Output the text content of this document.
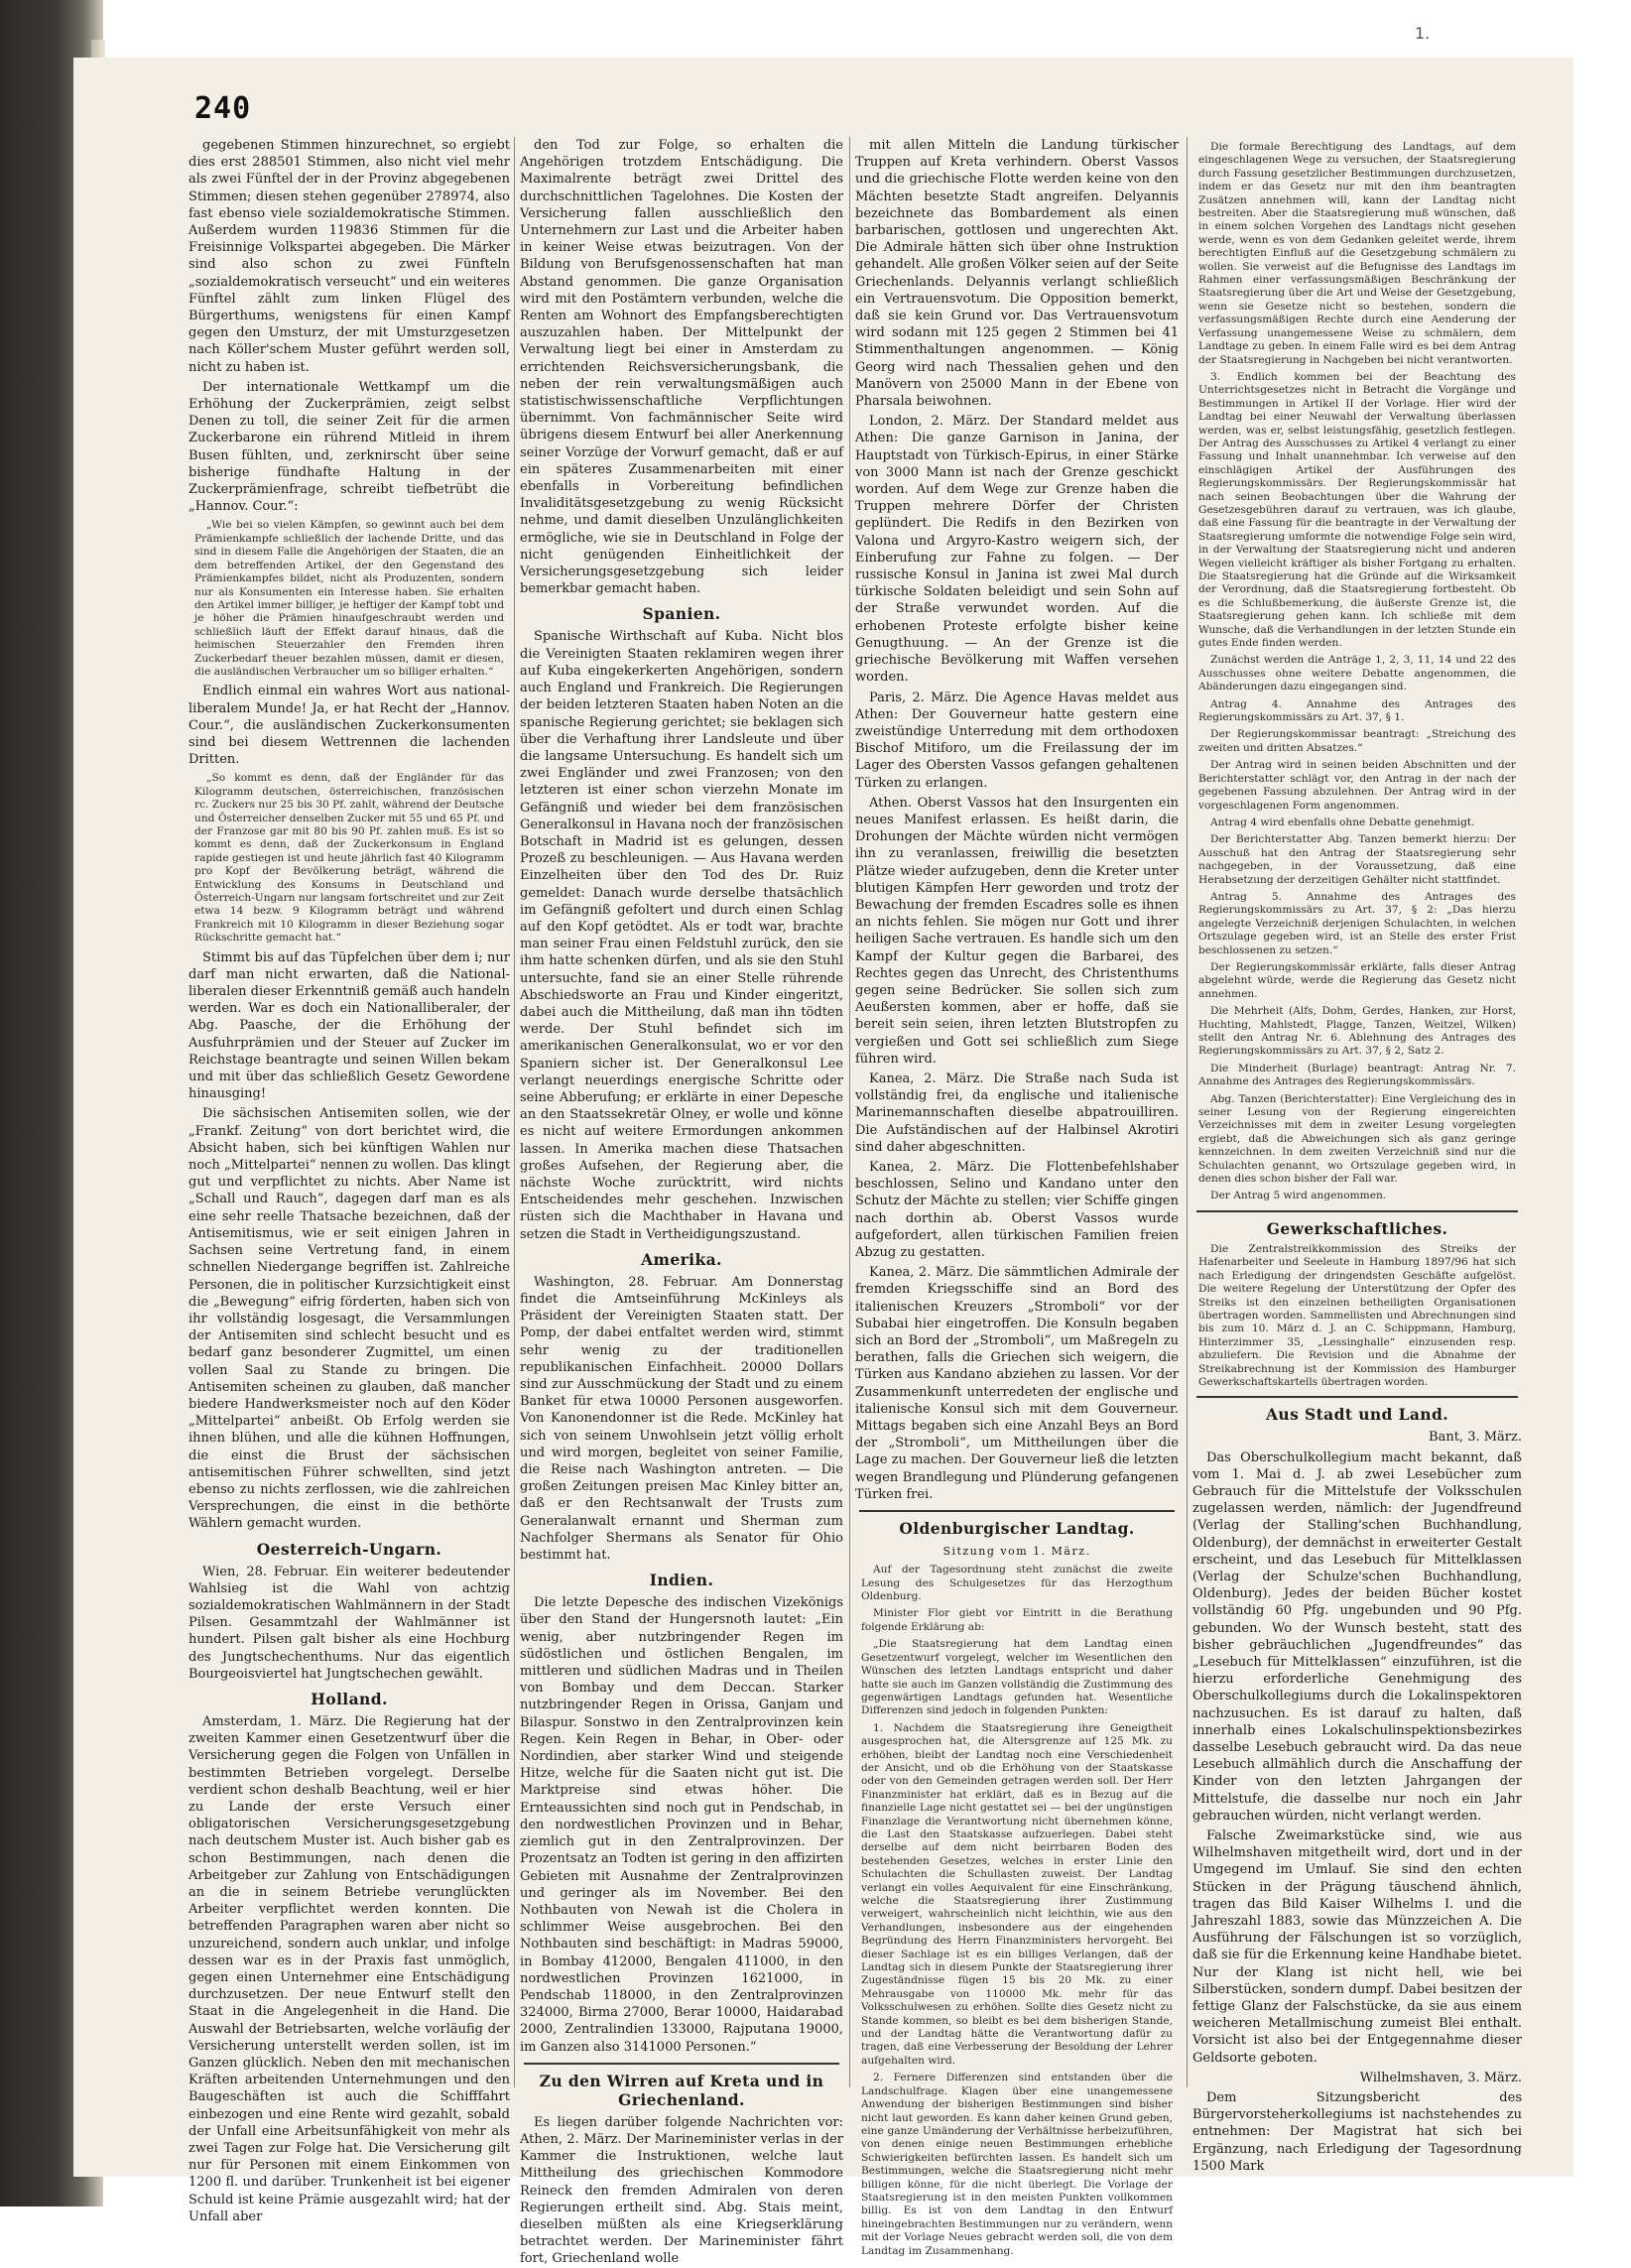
1.
240

gegebenen Stimmen hinzurechnet, so ergiebt dies erst 288501 Stimmen, also nicht viel mehr als zwei Fünftel der in der Provinz abgegebenen Stimmen; diesen stehen gegenüber 278974, also fast ebenso viele sozialdemokratische Stimmen. Außerdem wurden 119836 Stimmen für die Freisinnige Volkspartei abgegeben. Die Märker sind also schon zu zwei Fünfteln „sozialdemokratisch verseucht“ und ein weiteres Fünftel zählt zum linken Flügel des Bürgerthums, wenigstens für einen Kampf gegen den Umsturz, der mit Umsturzgesetzen nach Köller'schem Muster geführt werden soll, nicht zu haben ist.

Der internationale Wettkampf um die Erhöhung der Zuckerprämien, zeigt selbst Denen zu toll, die seiner Zeit für die armen Zuckerbarone ein rührend Mitleid in ihrem Busen fühlten, und, zerknirscht über seine bisherige fündhafte Haltung in der Zuckerprämienfrage, schreibt tiefbetrübt die „Hannov. Cour.“:

„Wie bei so vielen Kämpfen, so gewinnt auch bei dem Prämienkampfe schließlich der lachende Dritte, und das sind in diesem Falle die Angehörigen der Staaten, die an dem betreffenden Artikel, der den Gegenstand des Prämienkampfes bildet, nicht als Produzenten, sondern nur als Konsumenten ein Interesse haben. Sie erhalten den Artikel immer billiger, je heftiger der Kampf tobt und je höher die Prämien hinaufgeschraubt werden und schließlich läuft der Effekt darauf hinaus, daß die heimischen Steuerzahler den Fremden ihren Zuckerbedarf theuer bezahlen müssen, damit er diesen, die ausländischen Verbraucher um so billiger erhalten.“

Endlich einmal ein wahres Wort aus national-liberalem Munde! Ja, er hat Recht der „Hannov. Cour.“, die ausländischen Zuckerkonsumenten sind bei diesem Wettrennen die lachenden Dritten.

„So kommt es denn, daß der Engländer für das Kilogramm deutschen, österreichischen, französischen rc. Zuckers nur 25 bis 30 Pf. zahlt, während der Deutsche und Österreicher denselben Zucker mit 55 und 65 Pf. und der Franzose gar mit 80 bis 90 Pf. zahlen muß. Es ist so kommt es denn, daß der Zuckerkonsum in England rapide gestiegen ist und heute jährlich fast 40 Kilogramm pro Kopf der Bevölkerung beträgt, während die Entwicklung des Konsums in Deutschland und Österreich-Ungarn nur langsam fortschreitet und zur Zeit etwa 14 bezw. 9 Kilogramm beträgt und während Frankreich mit 10 Kilogramm in dieser Beziehung sogar Rückschritte gemacht hat.“

Stimmt bis auf das Tüpfelchen über dem i; nur darf man nicht erwarten, daß die National-liberalen dieser Erkenntniß gemäß auch handeln werden. War es doch ein Nationalliberaler, der Abg. Paasche, der die Erhöhung der Ausfuhrprämien und der Steuer auf Zucker im Reichstage beantragte und seinen Willen bekam und mit über das schließlich Gesetz Gewordene hinausging!

Die sächsischen Antisemiten sollen, wie der „Frankf. Zeitung“ von dort berichtet wird, die Absicht haben, sich bei künftigen Wahlen nur noch „Mittelpartei“ nennen zu wollen. Das klingt gut und verpflichtet zu nichts. Aber Name ist „Schall und Rauch“, dagegen darf man es als eine sehr reelle Thatsache bezeichnen, daß der Antisemitismus, wie er seit einigen Jahren in Sachsen seine Vertretung fand, in einem schnellen Niedergange begriffen ist. Zahlreiche Personen, die in politischer Kurzsichtigkeit einst die „Bewegung“ eifrig förderten, haben sich von ihr vollständig losgesagt, die Versammlungen der Antisemiten sind schlecht besucht und es bedarf ganz besonderer Zugmittel, um einen vollen Saal zu Stande zu bringen. Die Antisemiten scheinen zu glauben, daß mancher biedere Handwerksmeister noch auf den Köder „Mittelpartei“ anbeißt. Ob Erfolg werden sie ihnen blühen, und alle die kühnen Hoffnungen, die einst die Brust der sächsischen antisemitischen Führer schwellten, sind jetzt ebenso zu nichts zerflossen, wie die zahlreichen Versprechungen, die einst in die bethörte Wählern gemacht wurden.

Oesterreich-Ungarn.

Wien, 28. Februar. Ein weiterer bedeutender Wahlsieg ist die Wahl von achtzig sozialdemokratischen Wahlmännern in der Stadt Pilsen. Gesammtzahl der Wahlmänner ist hundert. Pilsen galt bisher als eine Hochburg des Jungtschechenthums. Nur das eigentlich Bourgeoisviertel hat Jungtschechen gewählt.

Holland.

Amsterdam, 1. März. Die Regierung hat der zweiten Kammer einen Gesetzentwurf über die Versicherung gegen die Folgen von Unfällen in bestimmten Betrieben vorgelegt. Derselbe verdient schon deshalb Beachtung, weil er hier zu Lande der erste Versuch einer obligatorischen Versicherungsgesetzgebung nach deutschem Muster ist. Auch bisher gab es schon Bestimmungen, nach denen die Arbeitgeber zur Zahlung von Entschädigungen an die in seinem Betriebe verunglückten Arbeiter verpflichtet werden konnten. Die betreffenden Paragraphen waren aber nicht so unzureichend, sondern auch unklar, und infolge dessen war es in der Praxis fast unmöglich, gegen einen Unternehmer eine Entschädigung durchzusetzen. Der neue Entwurf stellt den Staat in die Angelegenheit in die Hand. Die Auswahl der Betriebsarten, welche vorläufig der Versicherung unterstellt werden sollen, ist im Ganzen glücklich. Neben den mit mechanischen Kräften arbeitenden Unternehmungen und den Baugeschäften ist auch die Schifffahrt einbezogen und eine Rente wird gezahlt, sobald der Unfall eine Arbeitsunfähigkeit von mehr als zwei Tagen zur Folge hat. Die Versicherung gilt nur für Personen mit einem Einkommen von 1200 fl. und darüber. Trunkenheit ist bei eigener Schuld ist keine Prämie ausgezahlt wird; hat der Unfall aber

den Tod zur Folge, so erhalten die Angehörigen trotzdem Entschädigung. Die Maximalrente beträgt zwei Drittel des durchschnittlichen Tagelohnes. Die Kosten der Versicherung fallen ausschließlich den Unternehmern zur Last und die Arbeiter haben in keiner Weise etwas beizutragen. Von der Bildung von Berufsgenossenschaften hat man Abstand genommen. Die ganze Organisation wird mit den Postämtern verbunden, welche die Renten am Wohnort des Empfangsberechtigten auszuzahlen haben. Der Mittelpunkt der Verwaltung liegt bei einer in Amsterdam zu errichtenden Reichsversicherungsbank, die neben der rein verwaltungsmäßigen auch statistischwissenschaftliche Verpflichtungen übernimmt. Von fachmännischer Seite wird übrigens diesem Entwurf bei aller Anerkennung seiner Vorzüge der Vorwurf gemacht, daß er auf ein späteres Zusammenarbeiten mit einer ebenfalls in Vorbereitung befindlichen Invaliditätsgesetzgebung zu wenig Rücksicht nehme, und damit dieselben Unzulänglichkeiten ermögliche, wie sie in Deutschland in Folge der nicht genügenden Einheitlichkeit der Versicherungsgesetzgebung sich leider bemerkbar gemacht haben.

Spanien.

Spanische Wirthschaft auf Kuba. Nicht blos die Vereinigten Staaten reklamiren wegen ihrer auf Kuba eingekerkerten Angehörigen, sondern auch England und Frankreich. Die Regierungen der beiden letzteren Staaten haben Noten an die spanische Regierung gerichtet; sie beklagen sich über die Verhaftung ihrer Landsleute und über die langsame Untersuchung. Es handelt sich um zwei Engländer und zwei Franzosen; von den letzteren ist einer schon vierzehn Monate im Gefängniß und wieder bei dem französischen Generalkonsul in Havana noch der französischen Botschaft in Madrid ist es gelungen, dessen Prozeß zu beschleunigen. — Aus Havana werden Einzelheiten über den Tod des Dr. Ruiz gemeldet: Danach wurde derselbe thatsächlich im Gefängniß gefoltert und durch einen Schlag auf den Kopf getödtet. Als er todt war, brachte man seiner Frau einen Feldstuhl zurück, den sie ihm hatte schenken dürfen, und als sie den Stuhl untersuchte, fand sie an einer Stelle rührende Abschiedsworte an Frau und Kinder eingeritzt, dabei auch die Mittheilung, daß man ihn tödten werde. Der Stuhl befindet sich im amerikanischen Generalkonsulat, wo er vor den Spaniern sicher ist. Der Generalkonsul Lee verlangt neuerdings energische Schritte oder seine Abberufung; er erklärte in einer Depesche an den Staatssekretär Olney, er wolle und könne es nicht auf weitere Ermordungen ankommen lassen. In Amerika machen diese Thatsachen großes Aufsehen, der Regierung aber, die nächste Woche zurücktritt, wird nichts Entscheidendes mehr geschehen. Inzwischen rüsten sich die Machthaber in Havana und setzen die Stadt in Vertheidigungszustand.

Amerika.

Washington, 28. Februar. Am Donnerstag findet die Amtseinführung McKinleys als Präsident der Vereinigten Staaten statt. Der Pomp, der dabei entfaltet werden wird, stimmt sehr wenig zu der traditionellen republikanischen Einfachheit. 20000 Dollars sind zur Ausschmückung der Stadt und zu einem Banket für etwa 10000 Personen ausgeworfen. Von Kanonendonner ist die Rede. McKinley hat sich von seinem Unwohlsein jetzt völlig erholt und wird morgen, begleitet von seiner Familie, die Reise nach Washington antreten. — Die großen Zeitungen preisen Mac Kinley bitter an, daß er den Rechtsanwalt der Trusts zum Generalanwalt ernannt und Sherman zum Nachfolger Shermans als Senator für Ohio bestimmt hat.

Indien.

Die letzte Depesche des indischen Vizekönigs über den Stand der Hungersnoth lautet: „Ein wenig, aber nutzbringender Regen im südöstlichen und östlichen Bengalen, im mittleren und südlichen Madras und in Theilen von Bombay und dem Deccan. Starker nutzbringender Regen in Orissa, Ganjam und Bilaspur. Sonstwo in den Zentralprovinzen kein Regen. Kein Regen in Behar, in Ober- oder Nordindien, aber starker Wind und steigende Hitze, welche für die Saaten nicht gut ist. Die Marktpreise sind etwas höher. Die Ernteaussichten sind noch gut in Pendschab, in den nordwestlichen Provinzen und in Behar, ziemlich gut in den Zentralprovinzen. Der Prozentsatz an Todten ist gering in den affizirten Gebieten mit Ausnahme der Zentralprovinzen und geringer als im November. Bei den Nothbauten von Newah ist die Cholera in schlimmer Weise ausgebrochen. Bei den Nothbauten sind beschäftigt: in Madras 59000, in Bombay 412000, Bengalen 411000, in den nordwestlichen Provinzen 1621000, in Pendschab 118000, in den Zentralprovinzen 324000, Birma 27000, Berar 10000, Haidarabad 2000, Zentralindien 133000, Rajputana 19000, im Ganzen also 3141000 Personen.“

Zu den Wirren auf Kreta und in Griechenland.

Es liegen darüber folgende Nachrichten vor: Athen, 2. März. Der Marineminister verlas in der Kammer die Instruktionen, welche laut Mittheilung des griechischen Kommodore Reineck den fremden Admiralen von deren Regierungen ertheilt sind. Abg. Stais meint, dieselben müßten als eine Kriegserklärung betrachtet werden. Der Marineminister fährt fort, Griechenland wolle

mit allen Mitteln die Landung türkischer Truppen auf Kreta verhindern. Oberst Vassos und die griechische Flotte werden keine von den Mächten besetzte Stadt angreifen. Delyannis bezeichnete das Bombardement als einen barbarischen, gottlosen und ungerechten Akt. Die Admirale hätten sich über ohne Instruktion gehandelt. Alle großen Völker seien auf der Seite Griechenlands. Delyannis verlangt schließlich ein Vertrauensvotum. Die Opposition bemerkt, daß sie kein Grund vor. Das Vertrauensvotum wird sodann mit 125 gegen 2 Stimmen bei 41 Stimmenthaltungen angenommen. — König Georg wird nach Thessalien gehen und den Manövern von 25000 Mann in der Ebene von Pharsala beiwohnen.

London, 2. März. Der Standard meldet aus Athen: Die ganze Garnison in Janina, der Hauptstadt von Türkisch-Epirus, in einer Stärke von 3000 Mann ist nach der Grenze geschickt worden. Auf dem Wege zur Grenze haben die Truppen mehrere Dörfer der Christen geplündert. Die Redifs in den Bezirken von Valona und Argyro-Kastro weigern sich, der Einberufung zur Fahne zu folgen. — Der russische Konsul in Janina ist zwei Mal durch türkische Soldaten beleidigt und sein Sohn auf der Straße verwundet worden. Auf die erhobenen Proteste erfolgte bisher keine Genugthuung. — An der Grenze ist die griechische Bevölkerung mit Waffen versehen worden.

Paris, 2. März. Die Agence Havas meldet aus Athen: Der Gouverneur hatte gestern eine zweistündige Unterredung mit dem orthodoxen Bischof Mitiforo, um die Freilassung der im Lager des Obersten Vassos gefangen gehaltenen Türken zu erlangen.

Athen. Oberst Vassos hat den Insurgenten ein neues Manifest erlassen. Es heißt darin, die Drohungen der Mächte würden nicht vermögen ihn zu veranlassen, freiwillig die besetzten Plätze wieder aufzugeben, denn die Kreter unter blutigen Kämpfen Herr geworden und trotz der Bewachung der fremden Escadres solle es ihnen an nichts fehlen. Sie mögen nur Gott und ihrer heiligen Sache vertrauen. Es handle sich um den Kampf der Kultur gegen die Barbarei, des Rechtes gegen das Unrecht, des Christenthums gegen seine Bedrücker. Sie sollen sich zum Aeußersten kommen, aber er hoffe, daß sie bereit sein seien, ihren letzten Blutstropfen zu vergießen und Gott sei schließlich zum Siege führen wird.

Kanea, 2. März. Die Straße nach Suda ist vollständig frei, da englische und italienische Marinemannschaften dieselbe abpatrouilliren. Die Aufständischen auf der Halbinsel Akrotiri sind daher abgeschnitten.

Kanea, 2. März. Die Flottenbefehlshaber beschlossen, Selino und Kandano unter den Schutz der Mächte zu stellen; vier Schiffe gingen nach dorthin ab. Oberst Vassos wurde aufgefordert, allen türkischen Familien freien Abzug zu gestatten.

Kanea, 2. März. Die sämmtlichen Admirale der fremden Kriegsschiffe sind an Bord des italienischen Kreuzers „Stromboli“ vor der Subabai hier eingetroffen. Die Konsuln begaben sich an Bord der „Stromboli“, um Maßregeln zu berathen, falls die Griechen sich weigern, die Türken aus Kandano abziehen zu lassen. Vor der Zusammenkunft unterredeten der englische und italienische Konsul sich mit dem Gouverneur. Mittags begaben sich eine Anzahl Beys an Bord der „Stromboli“, um Mittheilungen über die Lage zu machen. Der Gouverneur ließ die letzten wegen Brandlegung und Plünderung gefangenen Türken frei.

Oldenburgischer Landtag.
Sitzung vom 1. März.

Auf der Tagesordnung steht zunächst die zweite Lesung des Schulgesetzes für das Herzogthum Oldenburg.

Minister Flor giebt vor Eintritt in die Berathung folgende Erklärung ab:

„Die Staatsregierung hat dem Landtag einen Gesetzentwurf vorgelegt, welcher im Wesentlichen den Wünschen des letzten Landtags entspricht und daher hatte sie auch im Ganzen vollständig die Zustimmung des gegenwärtigen Landtags gefunden hat. Wesentliche Differenzen sind jedoch in folgenden Punkten:

1. Nachdem die Staatsregierung ihre Geneigtheit ausgesprochen hat, die Altersgrenze auf 125 Mk. zu erhöhen, bleibt der Landtag noch eine Verschiedenheit der Ansicht, und ob die Erhöhung von der Staatskasse oder von den Gemeinden getragen werden soll. Der Herr Finanzminister hat erklärt, daß es in Bezug auf die finanzielle Lage nicht gestattet sei — bei der ungünstigen Finanzlage die Verantwortung nicht übernehmen könne, die Last den Staatskasse aufzuerlegen. Dabei steht derselbe auf dem nicht beirrbaren Boden des bestehenden Gesetzes, welches in erster Linie den Schulachten die Schullasten zuweist. Der Landtag verlangt ein volles Aequivalent für eine Einschränkung, welche die Staatsregierung ihrer Zustimmung verweigert, wahrscheinlich nicht leichthin, wie aus den Verhandlungen, insbesondere aus der eingehenden Begründung des Herrn Finanzministers hervorgeht. Bei dieser Sachlage ist es ein billiges Verlangen, daß der Landtag sich in diesem Punkte der Staatsregierung ihrer Zugeständnisse fügen 15 bis 20 Mk. zu einer Mehrausgabe von 110000 Mk. mehr für das Volksschulwesen zu erhöhen. Sollte dies Gesetz nicht zu Stande kommen, so bleibt es bei dem bisherigen Stande, und der Landtag hätte die Verantwortung dafür zu tragen, daß eine Verbesserung der Besoldung der Lehrer aufgehalten wird.

2. Fernere Differenzen sind entstanden über die Landschulfrage. Klagen über eine unangemessene Anwendung der bisherigen Bestimmungen sind bisher nicht laut geworden. Es kann daher keinen Grund geben, eine ganze Umänderung der Verhältnisse herbeizuführen, von denen einige neuen Bestimmungen erhebliche Schwierigkeiten befürchten lassen. Es handelt sich um Bestimmungen, welche die Staatsregierung nicht mehr billigen könne, für die nicht überlegt. Die Vorlage der Staatsregierung ist in den meisten Punkten vollkommen billig. Es ist von dem Landtag in den Entwurf hineingebrachten Bestimmungen nur zu verändern, wenn mit der Vorlage Neues gebracht werden soll, die von dem Landtag im Zusammenhang.

Die formale Berechtigung des Landtags, auf dem eingeschlagenen Wege zu versuchen, der Staatsregierung durch Fassung gesetzlicher Bestimmungen durchzusetzen, indem er das Gesetz nur mit den ihm beantragten Zusätzen annehmen will, kann der Landtag nicht bestreiten. Aber die Staatsregierung muß wünschen, daß in einem solchen Vorgehen des Landtags nicht gesehen werde, wenn es von dem Gedanken geleitet werde, ihrem berechtigten Einfluß auf die Gesetzgebung schmälern zu wollen. Sie verweist auf die Befugnisse des Landtags im Rahmen einer verfassungsmäßigen Beschränkung der Staatsregierung über die Art und Weise der Gesetzgebung, wenn sie Gesetze nicht so bestehen, sondern die verfassungsmäßigen Rechte durch eine Aenderung der Verfassung unangemessene Weise zu schmälern, dem Landtage zu geben. In einem Falle wird es bei dem Antrag der Staatsregierung in Nachgeben bei nicht verantworten.

3. Endlich kommen bei der Beachtung des Unterrichtsgesetzes nicht in Betracht die Vorgänge und Bestimmungen in Artikel II der Vorlage. Hier wird der Landtag bei einer Neuwahl der Verwaltung überlassen werden, was er, selbst leistungsfähig, gesetzlich festlegen. Der Antrag des Ausschusses zu Artikel 4 verlangt zu einer Fassung und Inhalt unannehmbar. Ich verweise auf den einschlägigen Artikel der Ausführungen des Regierungskommissärs. Der Regierungskommissär hat nach seinen Beobachtungen über die Wahrung der Gesetzesgebühren darauf zu vertrauen, was ich glaube, daß eine Fassung für die beantragte in der Verwaltung der Staatsregierung umformte die notwendige Folge sein wird, in der Verwaltung der Staatsregierung nicht und anderen Wegen vielleicht kräftiger als bisher Fortgang zu erhalten. Die Staatsregierung hat die Gründe auf die Wirksamkeit der Verordnung, daß die Staatsregierung fortbesteht. Ob es die Schlußbemerkung, die äußerste Grenze ist, die Staatsregierung gehen kann. Ich schließe mit dem Wunsche, daß die Verhandlungen in der letzten Stunde ein gutes Ende finden werden.

Zunächst werden die Anträge 1, 2, 3, 11, 14 und 22 des Ausschusses ohne weitere Debatte angenommen, die Abänderungen dazu eingegangen sind.

Antrag 4. Annahme des Antrages des Regierungskommissärs zu Art. 37, § 1.

Der Regierungskommissar beantragt: „Streichung des zweiten und dritten Absatzes.“

Der Antrag wird in seinen beiden Abschnitten und der Berichterstatter schlägt vor, den Antrag in der nach der gegebenen Fassung abzulehnen. Der Antrag wird in der vorgeschlagenen Form angenommen.

Antrag 4 wird ebenfalls ohne Debatte genehmigt.

Der Berichterstatter Abg. Tanzen bemerkt hierzu: Der Ausschuß hat den Antrag der Staatsregierung sehr nachgegeben, in der Voraussetzung, daß eine Herabsetzung der derzeitigen Gehälter nicht stattfindet.

Antrag 5. Annahme des Antrages des Regierungskommissärs zu Art. 37, § 2: „Das hierzu angelegte Verzeichniß derjenigen Schulachten, in welchen Ortszulage gegeben wird, ist an Stelle des erster Frist beschlossenen zu setzen.“

Der Regierungskommissär erklärte, falls dieser Antrag abgelehnt würde, werde die Regierung das Gesetz nicht annehmen.

Die Mehrheit (Alfs, Dohm, Gerdes, Hanken, zur Horst, Huchting, Mahlstedt, Plagge, Tanzen, Weitzel, Wilken) stellt den Antrag Nr. 6. Ablehnung des Antrages des Regierungskommissärs zu Art. 37, § 2, Satz 2.

Die Minderheit (Burlage) beantragt: Antrag Nr. 7. Annahme des Antrages des Regierungskommissärs.

Abg. Tanzen (Berichterstatter): Eine Vergleichung des in seiner Lesung von der Regierung eingereichten Verzeichnisses mit dem in zweiter Lesung vorgelegten ergiebt, daß die Abweichungen sich als ganz geringe kennzeichnen. In dem zweiten Verzeichniß sind nur die Schulachten genannt, wo Ortszulage gegeben wird, in denen dies schon bisher der Fall war.

Der Antrag 5 wird angenommen.

Gewerkschaftliches.

Die Zentralstreikkommission des Streiks der Hafenarbeiter und Seeleute in Hamburg 1897/96 hat sich nach Erledigung der dringendsten Geschäfte aufgelöst. Die weitere Regelung der Unterstützung der Opfer des Streiks ist den einzelnen betheiligten Organisationen übertragen worden. Sammellisten und Abrechnungen sind bis zum 10. März d. J. an C. Schippmann, Hamburg, Hinterzimmer 35, „Lessinghalle“ einzusenden resp. abzuliefern. Die Revision und die Abnahme der Streikabrechnung ist der Kommission des Hamburger Gewerkschaftskartells übertragen worden.

Aus Stadt und Land.

Bant, 3. März.

Das Oberschulkollegium macht bekannt, daß vom 1. Mai d. J. ab zwei Lesebücher zum Gebrauch für die Mittelstufe der Volksschulen zugelassen werden, nämlich: der Jugendfreund (Verlag der Stalling'schen Buchhandlung, Oldenburg), der demnächst in erweiterter Gestalt erscheint, und das Lesebuch für Mittelklassen (Verlag der Schulze'schen Buchhandlung, Oldenburg). Jedes der beiden Bücher kostet vollständig 60 Pfg. ungebunden und 90 Pfg. gebunden. Wo der Wunsch besteht, statt des bisher gebräuchlichen „Jugendfreundes“ das „Lesebuch für Mittelklassen“ einzuführen, ist die hierzu erforderliche Genehmigung des Oberschulkollegiums durch die Lokalinspektoren nachzusuchen. Es ist darauf zu halten, daß innerhalb eines Lokalschulinspektionsbezirkes dasselbe Lesebuch gebraucht wird. Da das neue Lesebuch allmählich durch die Anschaffung der Kinder von den letzten Jahrgangen der Mittelstufe, die dasselbe nur noch ein Jahr gebrauchen würden, nicht verlangt werden.

Falsche Zweimarkstücke sind, wie aus Wilhelmshaven mitgetheilt wird, dort und in der Umgegend im Umlauf. Sie sind den echten Stücken in der Prägung täuschend ähnlich, tragen das Bild Kaiser Wilhelms I. und die Jahreszahl 1883, sowie das Münzzeichen A. Die Ausführung der Fälschungen ist so vorzüglich, daß sie für die Erkennung keine Handhabe bietet. Nur der Klang ist nicht hell, wie bei Silberstücken, sondern dumpf. Dabei besitzen der fettige Glanz der Falschstücke, da sie aus einem weicheren Metallmischung zumeist Blei enthalt. Vorsicht ist also bei der Entgegennahme dieser Geldsorte geboten.

Wilhelmshaven, 3. März.

Dem Sitzungsbericht des Bürgervorsteherkollegiums ist nachstehendes zu entnehmen: Der Magistrat hat sich bei Ergänzung, nach Erledigung der Tagesordnung 1500 Mark
